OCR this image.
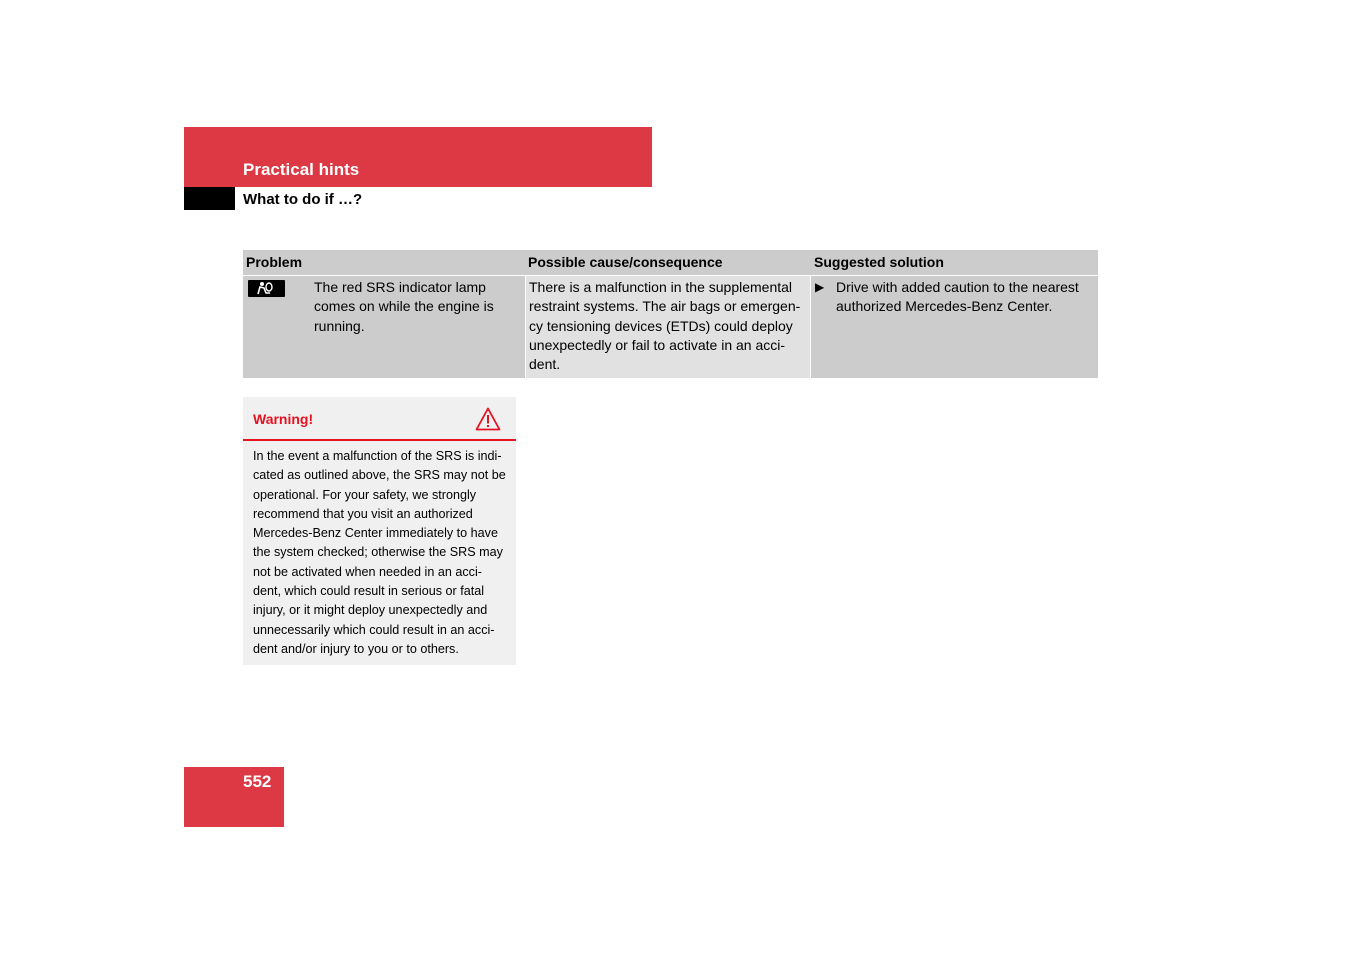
Practical hints
What to do if …?
Problem	Possible cause/consequence	Suggested solution
The red SRS indicator lamp comes on while the engine is running.
There is a malfunction in the supplemental restraint systems. The air bags or emergen-cy tensioning devices (ETDs) could deploy unexpectedly or fail to activate in an acci-dent.
▶ Drive with added caution to the nearest authorized Mercedes-Benz Center.
Warning!
In the event a malfunction of the SRS is indi-
cated as outlined above, the SRS may not be
operational. For your safety, we strongly
recommend that you visit an authorized
Mercedes-Benz Center immediately to have
the system checked; otherwise the SRS may
not be activated when needed in an acci-
dent, which could result in serious or fatal
injury, or it might deploy unexpectedly and
unnecessarily which could result in an acci-
dent and/or injury to you or to others.
552
